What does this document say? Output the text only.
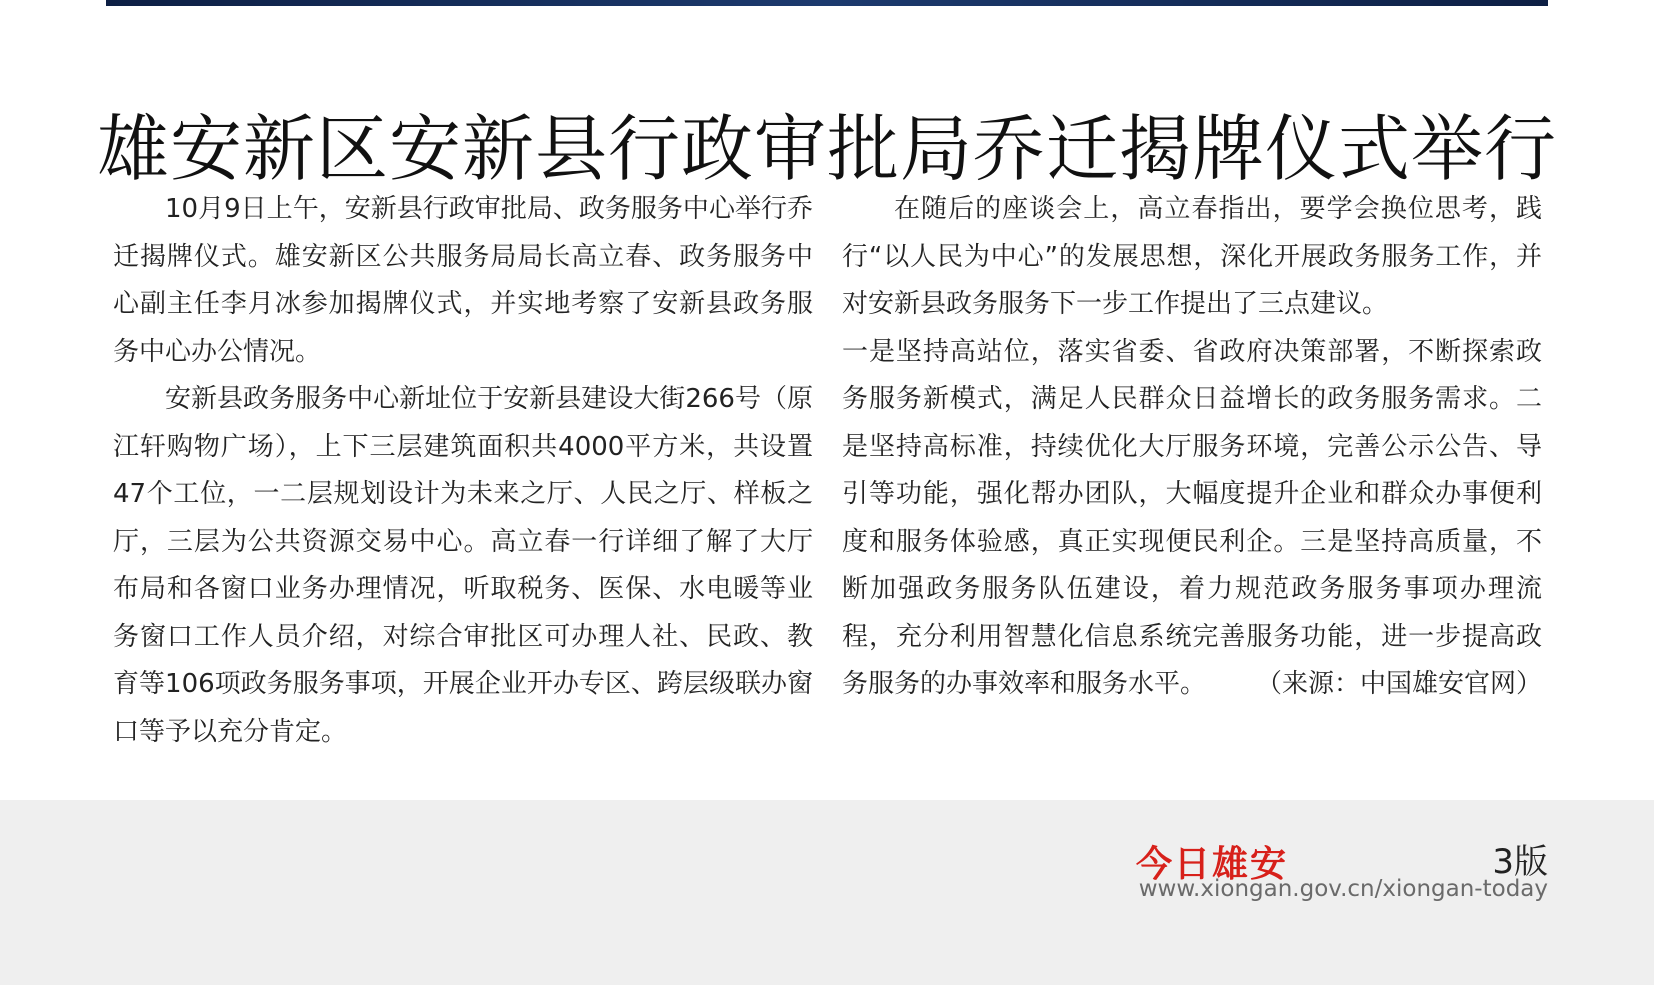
雄安新区安新县行政审批局乔迁揭牌仪式举行

10月9日上午，安新县行政审批局、政务服务中心举行乔迁揭牌仪式。雄安新区公共服务局局长高立春、政务服务中心副主任李月冰参加揭牌仪式，并实地考察了安新县政务服务中心办公情况。

安新县政务服务中心新址位于安新县建设大街266号（原江轩购物广场），上下三层建筑面积共4000平方米，共设置47个工位，一二层规划设计为未来之厅、人民之厅、样板之厅，三层为公共资源交易中心。高立春一行详细了解了大厅布局和各窗口业务办理情况，听取税务、医保、水电暖等业务窗口工作人员介绍，对综合审批区可办理人社、民政、教育等106项政务服务事项，开展企业开办专区、跨层级联办窗口等予以充分肯定。

在随后的座谈会上，高立春指出，要学会换位思考，践行“以人民为中心”的发展思想，深化开展政务服务工作，并对安新县政务服务下一步工作提出了三点建议。

一是坚持高站位，落实省委、省政府决策部署，不断探索政务服务新模式，满足人民群众日益增长的政务服务需求。二是坚持高标准，持续优化大厅服务环境，完善公示公告、导引等功能，强化帮办团队，大幅度提升企业和群众办事便利度和服务体验感，真正实现便民利企。三是坚持高质量，不断加强政务服务队伍建设，着力规范政务服务事项办理流程，充分利用智慧化信息系统完善服务功能，进一步提高政务服务的办事效率和服务水平。 （来源：中国雄安官网）

今日雄安	3版
www.xiongan.gov.cn/xiongan-today
